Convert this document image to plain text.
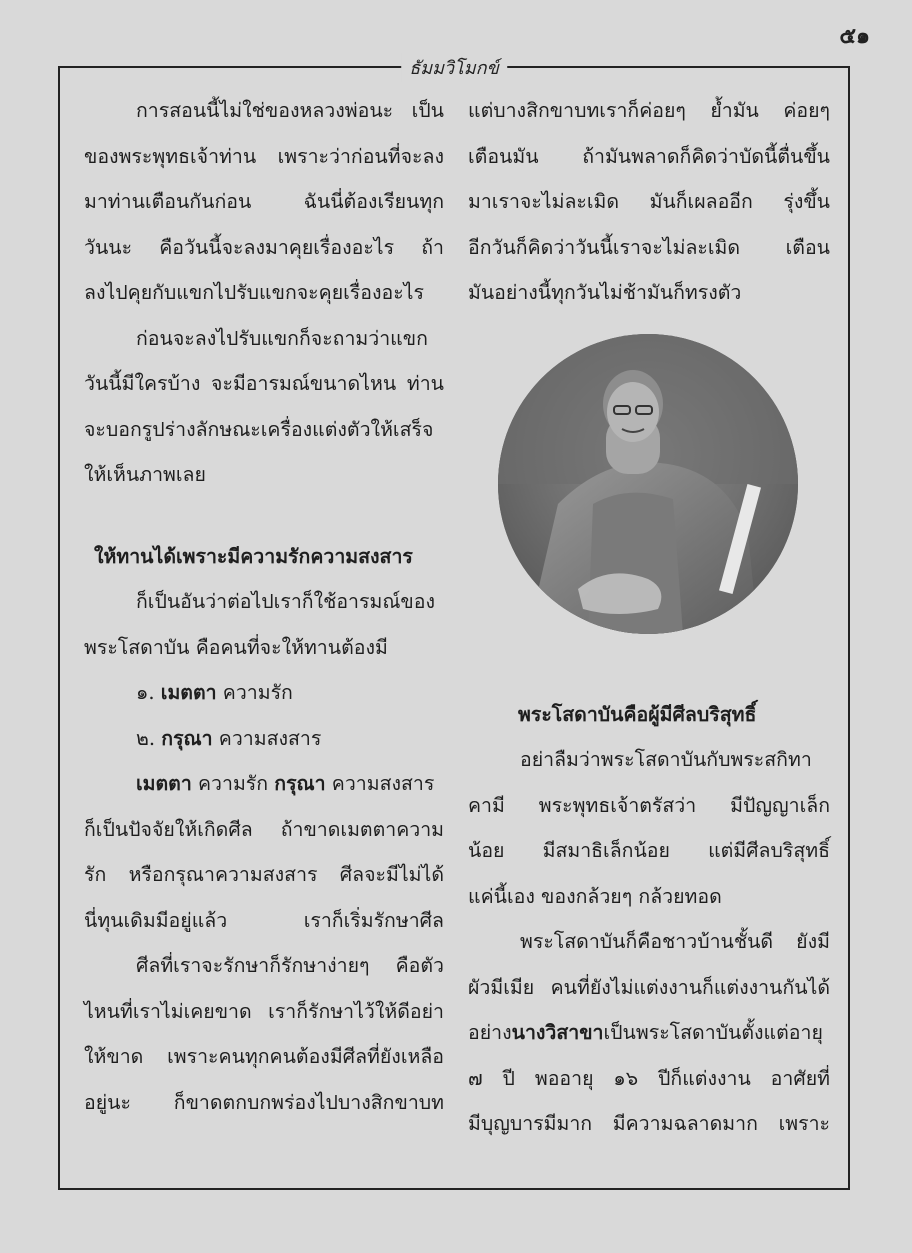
๕๑
ธัมมวิโมกข์
การสอนนี้ไม่ใช่ของหลวงพ่อนะ เป็น
ของพระพุทธเจ้าท่าน เพราะว่าก่อนที่จะลง
มาท่านเตือนกันก่อน ฉันนี่ต้องเรียนทุก
วันนะ คือวันนี้จะลงมาคุยเรื่องอะไร ถ้า
ลงไปคุยกับแขกไปรับแขกจะคุยเรื่องอะไร
ก่อนจะลงไปรับแขกก็จะถามว่าแขก
วันนี้มีใครบ้าง จะมีอารมณ์ขนาดไหน ท่าน
จะบอกรูปร่างลักษณะเครื่องแต่งตัวให้เสร็จ
ให้เห็นภาพเลย
ให้ทานได้เพราะมีความรักความสงสาร
ก็เป็นอันว่าต่อไปเราก็ใช้อารมณ์ของ
พระโสดาบัน คือคนที่จะให้ทานต้องมี
๑. เมตตา ความรัก
๒. กรุณา ความสงสาร
เมตตา ความรัก กรุณา ความสงสาร
ก็เป็นปัจจัยให้เกิดศีล ถ้าขาดเมตตาความ
รัก หรือกรุณาความสงสาร ศีลจะมีไม่ได้
นี่ทุนเดิมมีอยู่แล้ว เราก็เริ่มรักษาศีล
ศีลที่เราจะรักษาก็รักษาง่ายๆ คือตัว
ไหนที่เราไม่เคยขาด เราก็รักษาไว้ให้ดีอย่า
ให้ขาด เพราะคนทุกคนต้องมีศีลที่ยังเหลือ
อยู่นะ ก็ขาดตกบกพร่องไปบางสิกขาบท
แต่บางสิกขาบทเราก็ค่อยๆ ย้ำมัน ค่อยๆ
เตือนมัน ถ้ามันพลาดก็คิดว่าบัดนี้ตื่นขึ้น
มาเราจะไม่ละเมิด มันก็เผลออีก รุ่งขึ้น
อีกวันก็คิดว่าวันนี้เราจะไม่ละเมิด เตือน
มันอย่างนี้ทุกวันไม่ช้ามันก็ทรงตัว
พระโสดาบันคือผู้มีศีลบริสุทธิ์
อย่าลืมว่าพระโสดาบันกับพระสกิทา
คามี พระพุทธเจ้าตรัสว่า มีปัญญาเล็ก
น้อย มีสมาธิเล็กน้อย แต่มีศีลบริสุทธิ์
แค่นี้เอง ของกล้วยๆ กล้วยทอด
พระโสดาบันก็คือชาวบ้านชั้นดี ยังมี
ผัวมีเมีย คนที่ยังไม่แต่งงานก็แต่งงานกันได้
อย่างนางวิสาขาเป็นพระโสดาบันตั้งแต่อายุ
๗ ปี พออายุ ๑๖ ปีก็แต่งงาน อาศัยที่
มีบุญบารมีมาก มีความฉลาดมาก เพราะ
